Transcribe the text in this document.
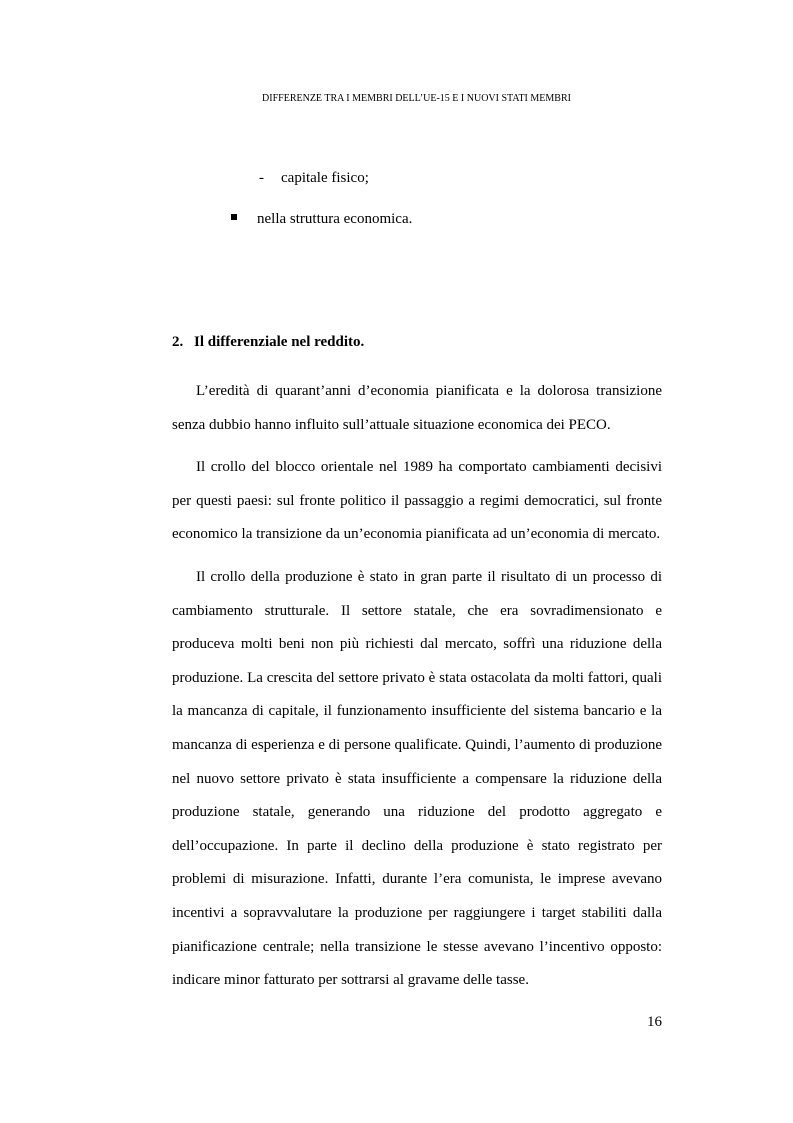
DIFFERENZE TRA I MEMBRI DELL’UE-15 E I NUOVI STATI MEMBRI
- capitale fisico;
nella struttura economica.
2. Il differenziale nel reddito.

L’eredità di quarant’anni d’economia pianificata e la dolorosa transizione senza dubbio hanno influito sull’attuale situazione economica dei PECO.

Il crollo del blocco orientale nel 1989 ha comportato cambiamenti decisivi per questi paesi: sul fronte politico il passaggio a regimi democratici, sul fronte economico la transizione da un’economia pianificata ad un’economia di mercato.

Il crollo della produzione è stato in gran parte il risultato di un processo di cambiamento strutturale. Il settore statale, che era sovradimensionato e produceva molti beni non più richiesti dal mercato, soffrì una riduzione della produzione. La crescita del settore privato è stata ostacolata da molti fattori, quali la mancanza di capitale, il funzionamento insufficiente del sistema bancario e la mancanza di esperienza e di persone qualificate. Quindi, l’aumento di produzione nel nuovo settore privato è stata insufficiente a compensare la riduzione della produzione statale, generando una riduzione del prodotto aggregato e dell’occupazione. In parte il declino della produzione è stato registrato per problemi di misurazione. Infatti, durante l’era comunista, le imprese avevano incentivi a sopravvalutare la produzione per raggiungere i target stabiliti dalla pianificazione centrale; nella transizione le stesse avevano l’incentivo opposto: indicare minor fatturato per sottrarsi al gravame delle tasse.

16
